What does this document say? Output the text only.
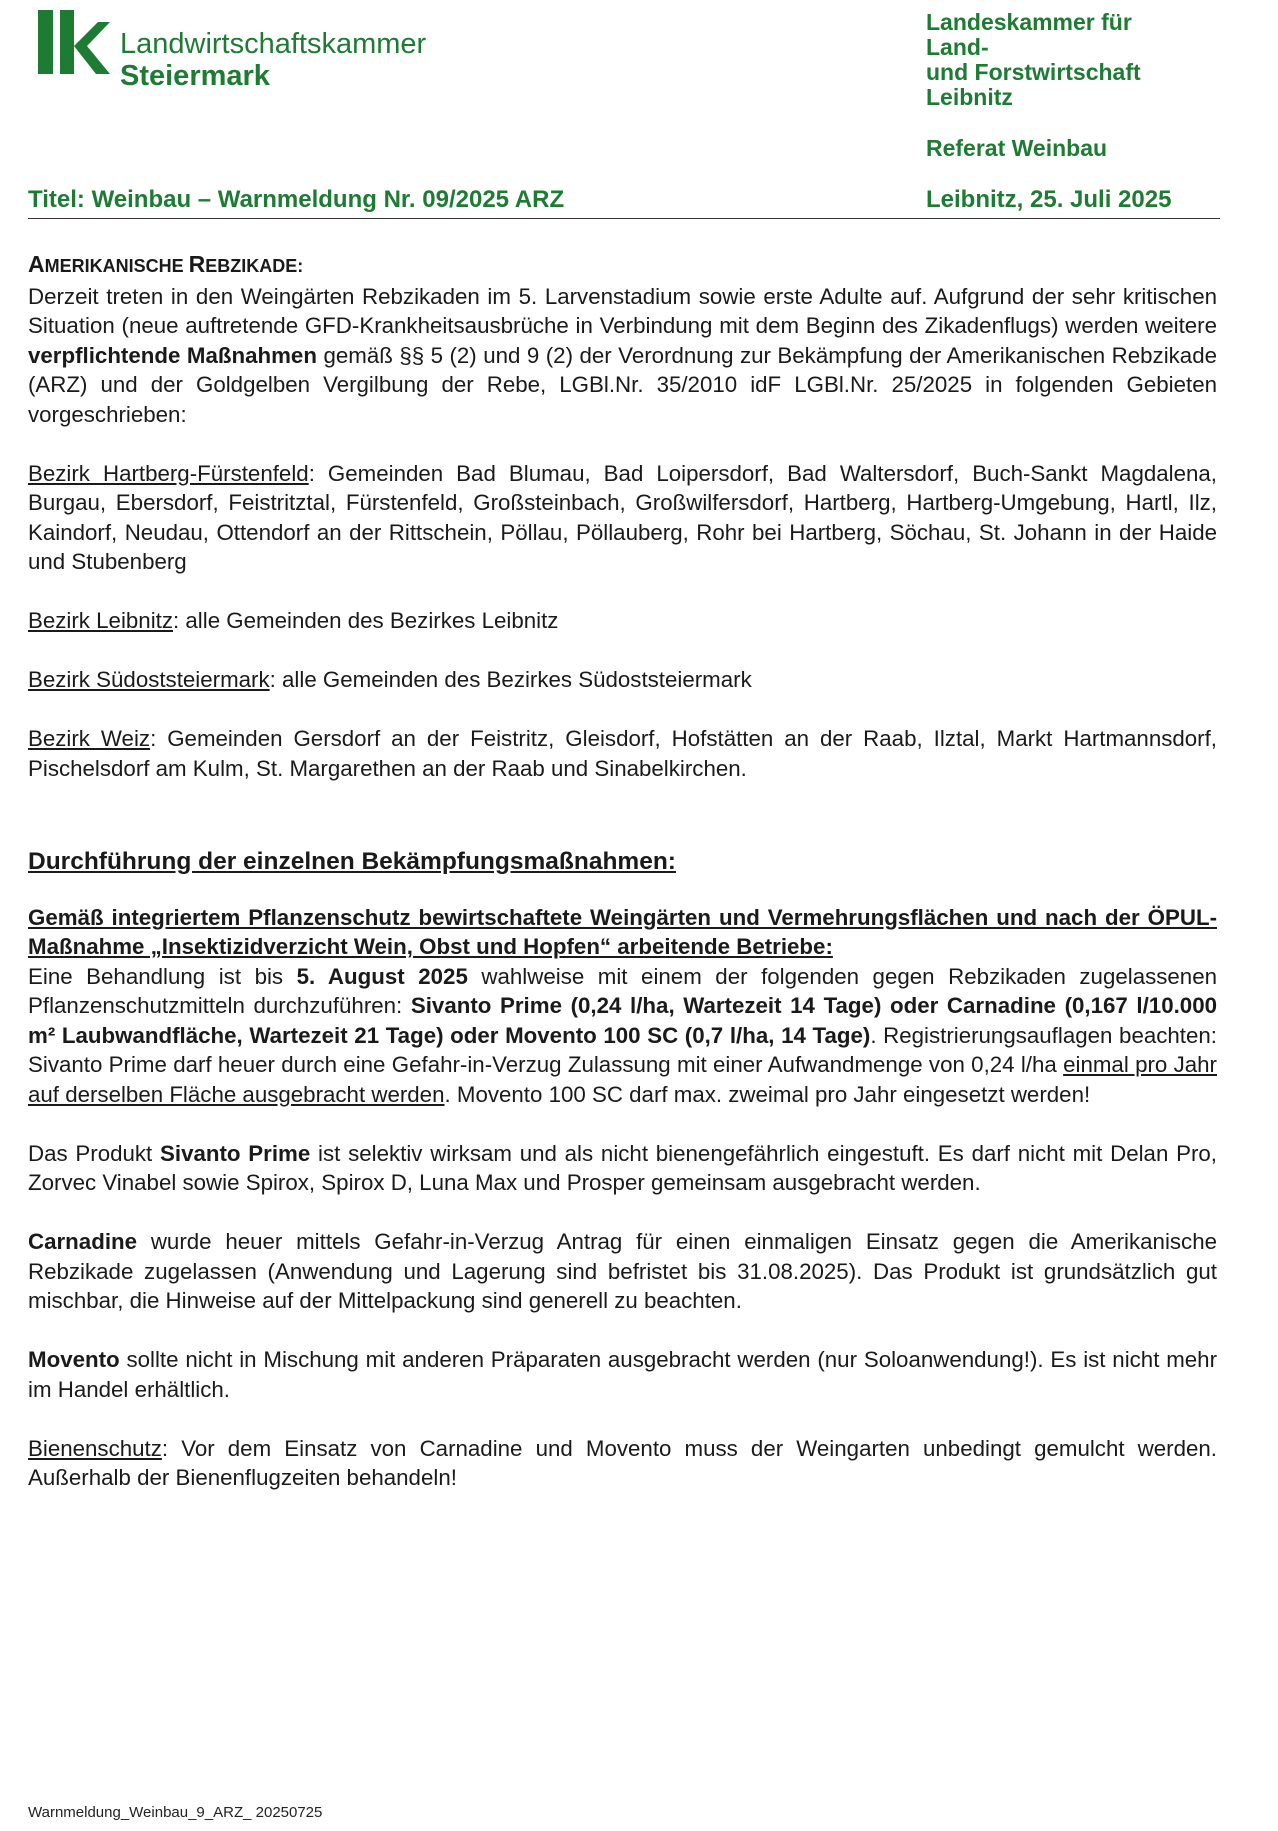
Landwirtschaftskammer
Steiermark
Landeskammer für
Land-
und Forstwirtschaft
Leibnitz
Referat Weinbau
Titel: Weinbau – Warnmeldung Nr. 09/2025 ARZ	Leibnitz, 25. Juli 2025

AMERIKANISCHE REBZIKADE:

Derzeit treten in den Weingärten Rebzikaden im 5. Larvenstadium sowie erste Adulte auf. Aufgrund der sehr kritischen Situation (neue auftretende GFD-Krankheitsausbrüche in Verbindung mit dem Beginn des Zikadenflugs) werden weitere verpflichtende Maßnahmen gemäß §§ 5 (2) und 9 (2) der Verordnung zur Bekämpfung der Amerikanischen Rebzikade (ARZ) und der Goldgelben Vergilbung der Rebe, LGBl.Nr. 35/2010 idF LGBl.Nr. 25/2025 in folgenden Gebieten vorgeschrieben:

Bezirk Hartberg-Fürstenfeld: Gemeinden Bad Blumau, Bad Loipersdorf, Bad Waltersdorf, Buch-Sankt Magdalena, Burgau, Ebersdorf, Feistritztal, Fürstenfeld, Großsteinbach, Großwilfersdorf, Hartberg, Hartberg-Umgebung, Hartl, Ilz, Kaindorf, Neudau, Ottendorf an der Rittschein, Pöllau, Pöllauberg, Rohr bei Hartberg, Söchau, St. Johann in der Haide und Stubenberg

Bezirk Leibnitz: alle Gemeinden des Bezirkes Leibnitz

Bezirk Südoststeiermark: alle Gemeinden des Bezirkes Südoststeiermark

Bezirk Weiz: Gemeinden Gersdorf an der Feistritz, Gleisdorf, Hofstätten an der Raab, Ilztal, Markt Hartmannsdorf, Pischelsdorf am Kulm, St. Margarethen an der Raab und Sinabelkirchen.

Durchführung der einzelnen Bekämpfungsmaßnahmen:

Gemäß integriertem Pflanzenschutz bewirtschaftete Weingärten und Vermehrungsflächen und nach der ÖPUL-Maßnahme „Insektizidverzicht Wein, Obst und Hopfen“ arbeitende Betriebe:

Eine Behandlung ist bis 5. August 2025 wahlweise mit einem der folgenden gegen Rebzikaden zugelassenen Pflanzenschutzmitteln durchzuführen: Sivanto Prime (0,24 l/ha, Wartezeit 14 Tage) oder Carnadine (0,167 l/10.000 m² Laubwandfläche, Wartezeit 21 Tage) oder Movento 100 SC (0,7 l/ha, 14 Tage). Registrierungsauflagen beachten: Sivanto Prime darf heuer durch eine Gefahr-in-Verzug Zulassung mit einer Aufwandmenge von 0,24 l/ha einmal pro Jahr auf derselben Fläche ausgebracht werden. Movento 100 SC darf max. zweimal pro Jahr eingesetzt werden!

Das Produkt Sivanto Prime ist selektiv wirksam und als nicht bienengefährlich eingestuft. Es darf nicht mit Delan Pro, Zorvec Vinabel sowie Spirox, Spirox D, Luna Max und Prosper gemeinsam ausgebracht werden.

Carnadine wurde heuer mittels Gefahr-in-Verzug Antrag für einen einmaligen Einsatz gegen die Amerikanische Rebzikade zugelassen (Anwendung und Lagerung sind befristet bis 31.08.2025). Das Produkt ist grundsätzlich gut mischbar, die Hinweise auf der Mittelpackung sind generell zu beachten.

Movento sollte nicht in Mischung mit anderen Präparaten ausgebracht werden (nur Soloanwendung!). Es ist nicht mehr im Handel erhältlich.

Bienenschutz: Vor dem Einsatz von Carnadine und Movento muss der Weingarten unbedingt gemulcht werden. Außerhalb der Bienenflugzeiten behandeln!

Warnmeldung_Weinbau_9_ARZ_ 20250725
